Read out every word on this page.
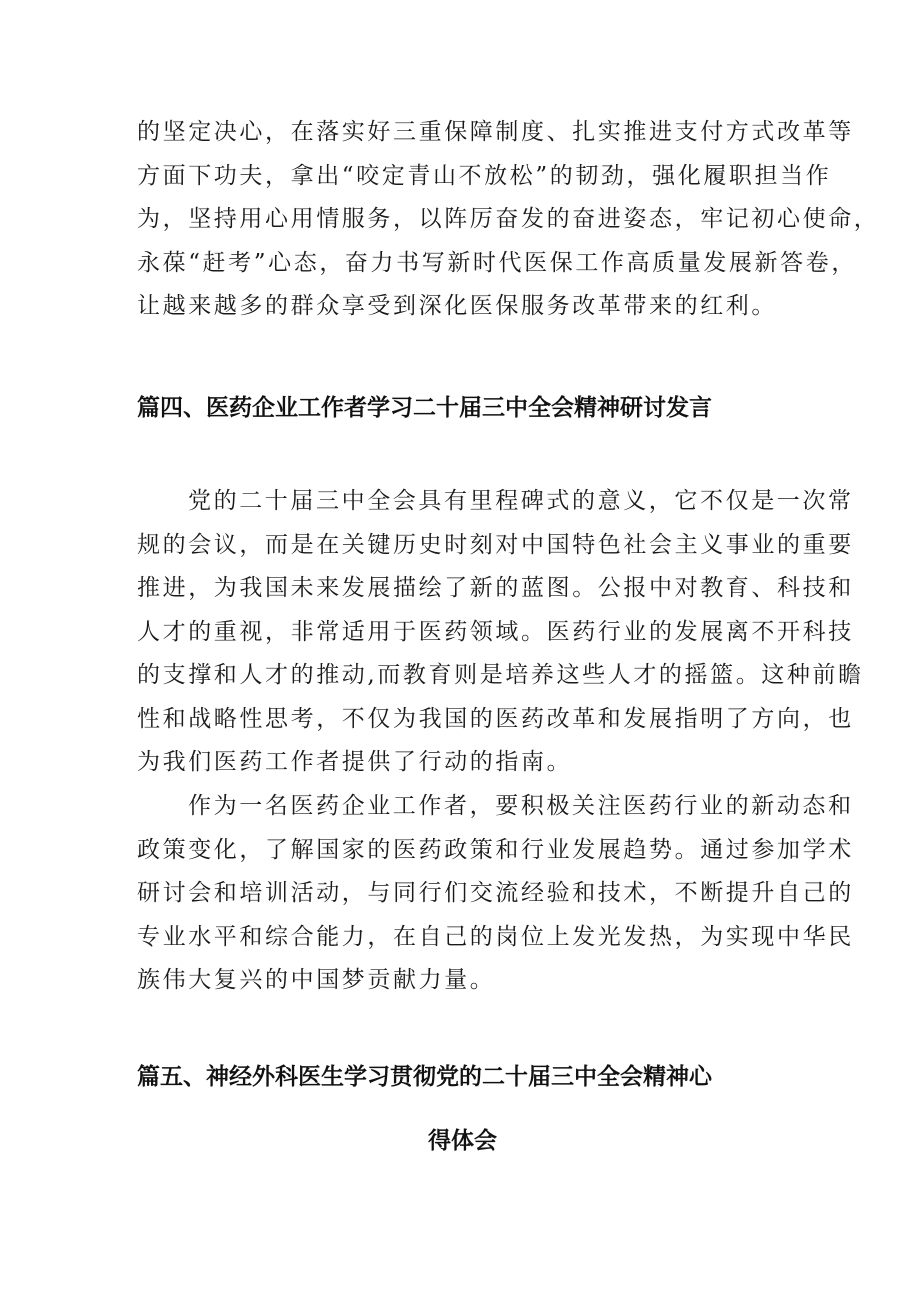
的坚定决心，在落实好三重保障制度、扎实推进支付方式改革等
方面下功夫，拿出“咬定青山不放松”的韧劲，强化履职担当作
为，坚持用心用情服务，以阵厉奋发的奋进姿态，牢记初心使命，
永葆“赶考”心态，奋力书写新时代医保工作高质量发展新答卷，
让越来越多的群众享受到深化医保服务改革带来的红利。

篇四、医药企业工作者学习二十届三中全会精神研讨发言

党的二十届三中全会具有里程碑式的意义，它不仅是一次常
规的会议，而是在关键历史时刻对中国特色社会主义事业的重要
推进，为我国未来发展描绘了新的蓝图。公报中对教育、科技和
人才的重视，非常适用于医药领域。医药行业的发展离不开科技
的支撑和人才的推动,而教育则是培养这些人才的摇篮。这种前瞻
性和战略性思考，不仅为我国的医药改革和发展指明了方向，也
为我们医药工作者提供了行动的指南。

作为一名医药企业工作者，要积极关注医药行业的新动态和
政策变化，了解国家的医药政策和行业发展趋势。通过参加学术
研讨会和培训活动，与同行们交流经验和技术，不断提升自己的
专业水平和综合能力，在自己的岗位上发光发热，为实现中华民
族伟大复兴的中国梦贡献力量。

篇五、神经外科医生学习贯彻党的二十届三中全会精神心
得体会
